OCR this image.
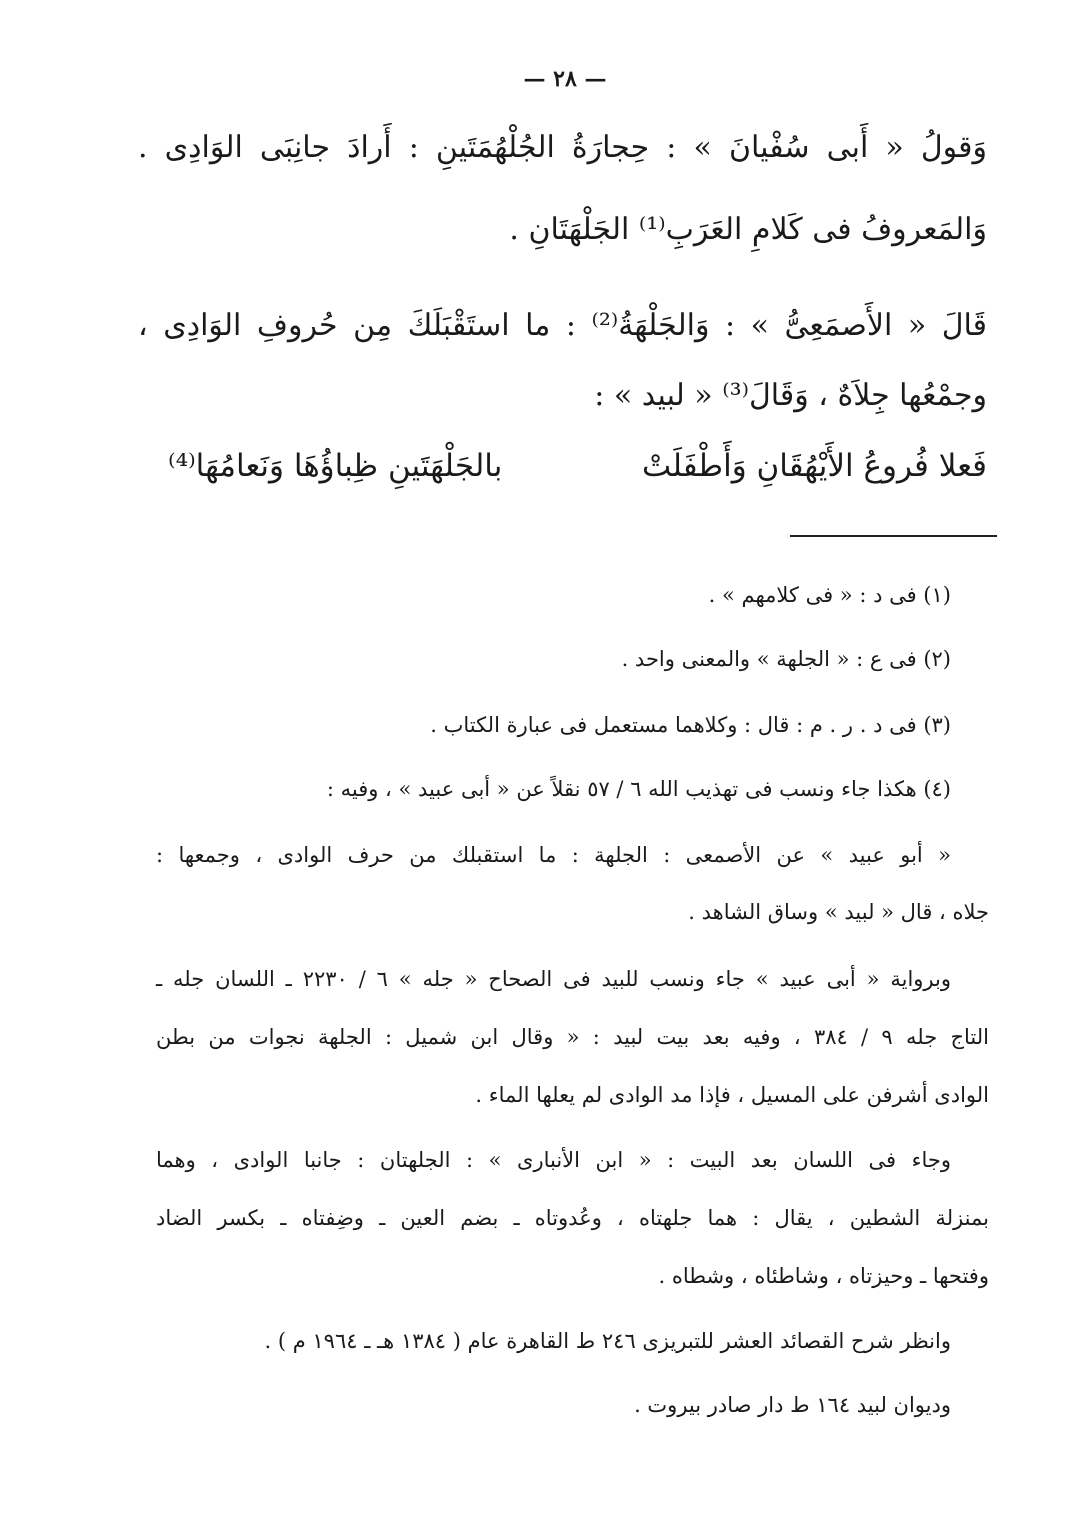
— ٢٨ —
وَقولُ « أَبى سُفْيانَ » : حِجارَةُ الجُلْهُمَتَينِ : أَرادَ جانِبَى الوَادِى .
وَالمَعروفُ فى كَلامِ العَرَبِ⁽¹⁾ الجَلْهَتَانِ .
قَالَ « الأَصمَعِىُّ » : وَالجَلْهَةُ⁽²⁾ : ما استَقْبَلَكَ مِن حُروفِ الوَادِى ،
وجمْعُها جِلاَهٌ ، وَقَالَ⁽³⁾ « لبيد » :
فَعلا فُروعُ الأَيْهُقَانِ وَأَطْفَلَتْ
بالجَلْهَتَينِ ظِباؤُهَا وَنَعامُهَا⁽⁴⁾
(١) فى د : « فى كلامهم » .
(٢) فى ع : « الجلهة » والمعنى واحد .
(٣) فى د . ر . م : قال : وكلاهما مستعمل فى عبارة الكتاب .
(٤) هكذا جاء ونسب فى تهذيب الله ٦ / ٥٧ نقلاً عن « أبى عبيد » ، وفيه :
« أبو عبيد » عن الأصمعى : الجلهة : ما استقبلك من حرف الوادى ، وجمعها :
جلاه ، قال « لبيد » وساق الشاهد .
وبرواية « أبى عبيد » جاء ونسب للبيد فى الصحاح « جله » ٦ / ٢٢٣٠ ـ اللسان جله ـ
التاج جله ٩ / ٣٨٤ ، وفيه بعد بيت لبيد : « وقال ابن شميل : الجلهة نجوات من بطن
الوادى أشرفن على المسيل ، فإذا مد الوادى لم يعلها الماء .
وجاء فى اللسان بعد البيت : « ابن الأنبارى » : الجلهتان : جانبا الوادى ، وهما
بمنزلة الشطين ، يقال : هما جلهتاه ، وعُدوتاه ـ بضم العين ـ وضِفتاه ـ بكسر الضاد
وفتحها ـ وحيزتاه ، وشاطئاه ، وشطاه .
وانظر شرح القصائد العشر للتبريزى ٢٤٦ ط القاهرة عام ( ١٣٨٤ هـ ـ ١٩٦٤ م ) .
وديوان لبيد ١٦٤ ط دار صادر بيروت .
